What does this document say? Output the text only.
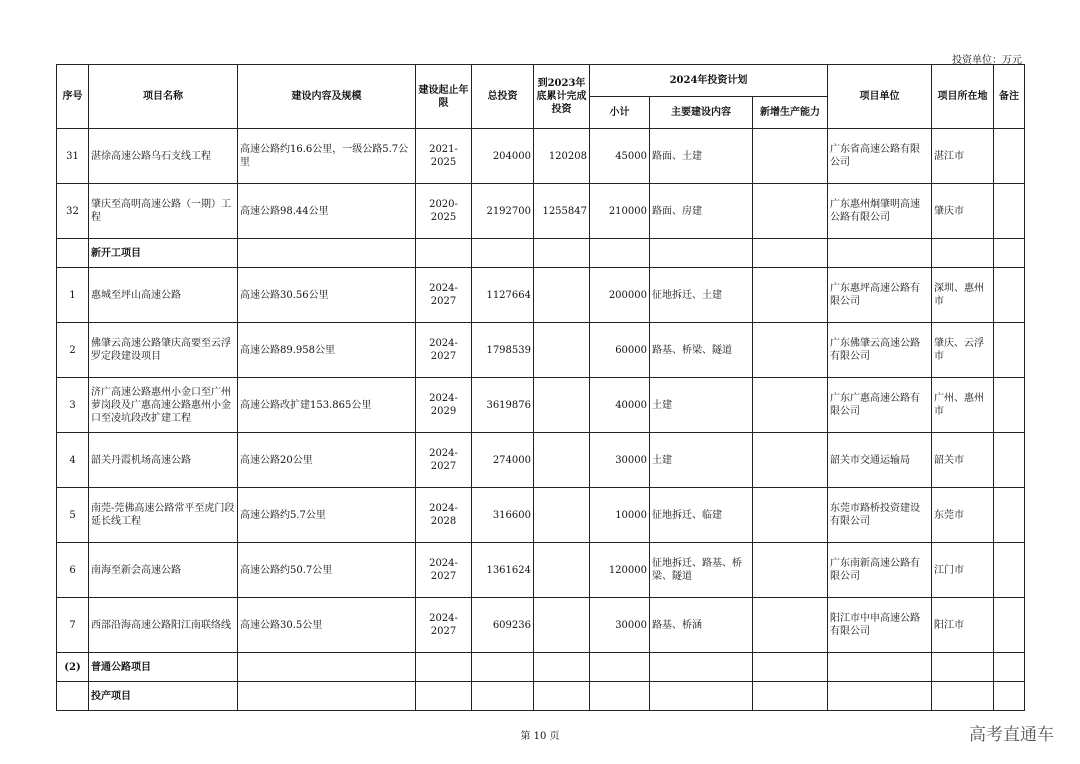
投资单位：万元
序号	项目名称	建设内容及规模	建设起止年限	总投资	到2023年底累计完成投资	2024年投资计划			项目单位	项目所在地	备注
						小计	主要建设内容	新增生产能力			
31	湛徐高速公路乌石支线工程	高速公路约16.6公里，一级公路5.7公里	2021-2025	204000	120208	45000	路面、土建		广东省高速公路有限公司	湛江市	
32	肇庆至高明高速公路（一期）工程	高速公路98.44公里	2020-2025	2192700	1255847	210000	路面、房建		广东惠州炯肇明高速公路有限公司	肇庆市	
	新开工项目										
1	惠城至坪山高速公路	高速公路30.56公里	2024-2027	1127664		200000	征地拆迁、土建		广东惠坪高速公路有限公司	深圳、惠州市	
2	佛肇云高速公路肇庆高要至云浮罗定段建设项目	高速公路89.958公里	2024-2027	1798539		60000	路基、桥梁、隧道		广东佛肇云高速公路有限公司	肇庆、云浮市	
3	济广高速公路惠州小金口至广州萝岗段及广惠高速公路惠州小金口至凌坑段改扩建工程	高速公路改扩建153.865公里	2024-2029	3619876		40000	土建		广东广惠高速公路有限公司	广州、惠州市	
4	韶关丹霞机场高速公路	高速公路20公里	2024-2027	274000		30000	土建		韶关市交通运输局	韶关市	
5	南莞-莞佛高速公路常平至虎门段延长线工程	高速公路约5.7公里	2024-2028	316600		10000	征地拆迁、临建		东莞市路桥投资建设有限公司	东莞市	
6	南海至新会高速公路	高速公路约50.7公里	2024-2027	1361624		120000	征地拆迁、路基、桥梁、隧道		广东南新高速公路有限公司	江门市	
7	西部沿海高速公路阳江南联络线	高速公路30.5公里	2024-2027	609236		30000	路基、桥涵		阳江市中申高速公路有限公司	阳江市	
(2)	普通公路项目										
	投产项目										
第 10 页	高考直通车
